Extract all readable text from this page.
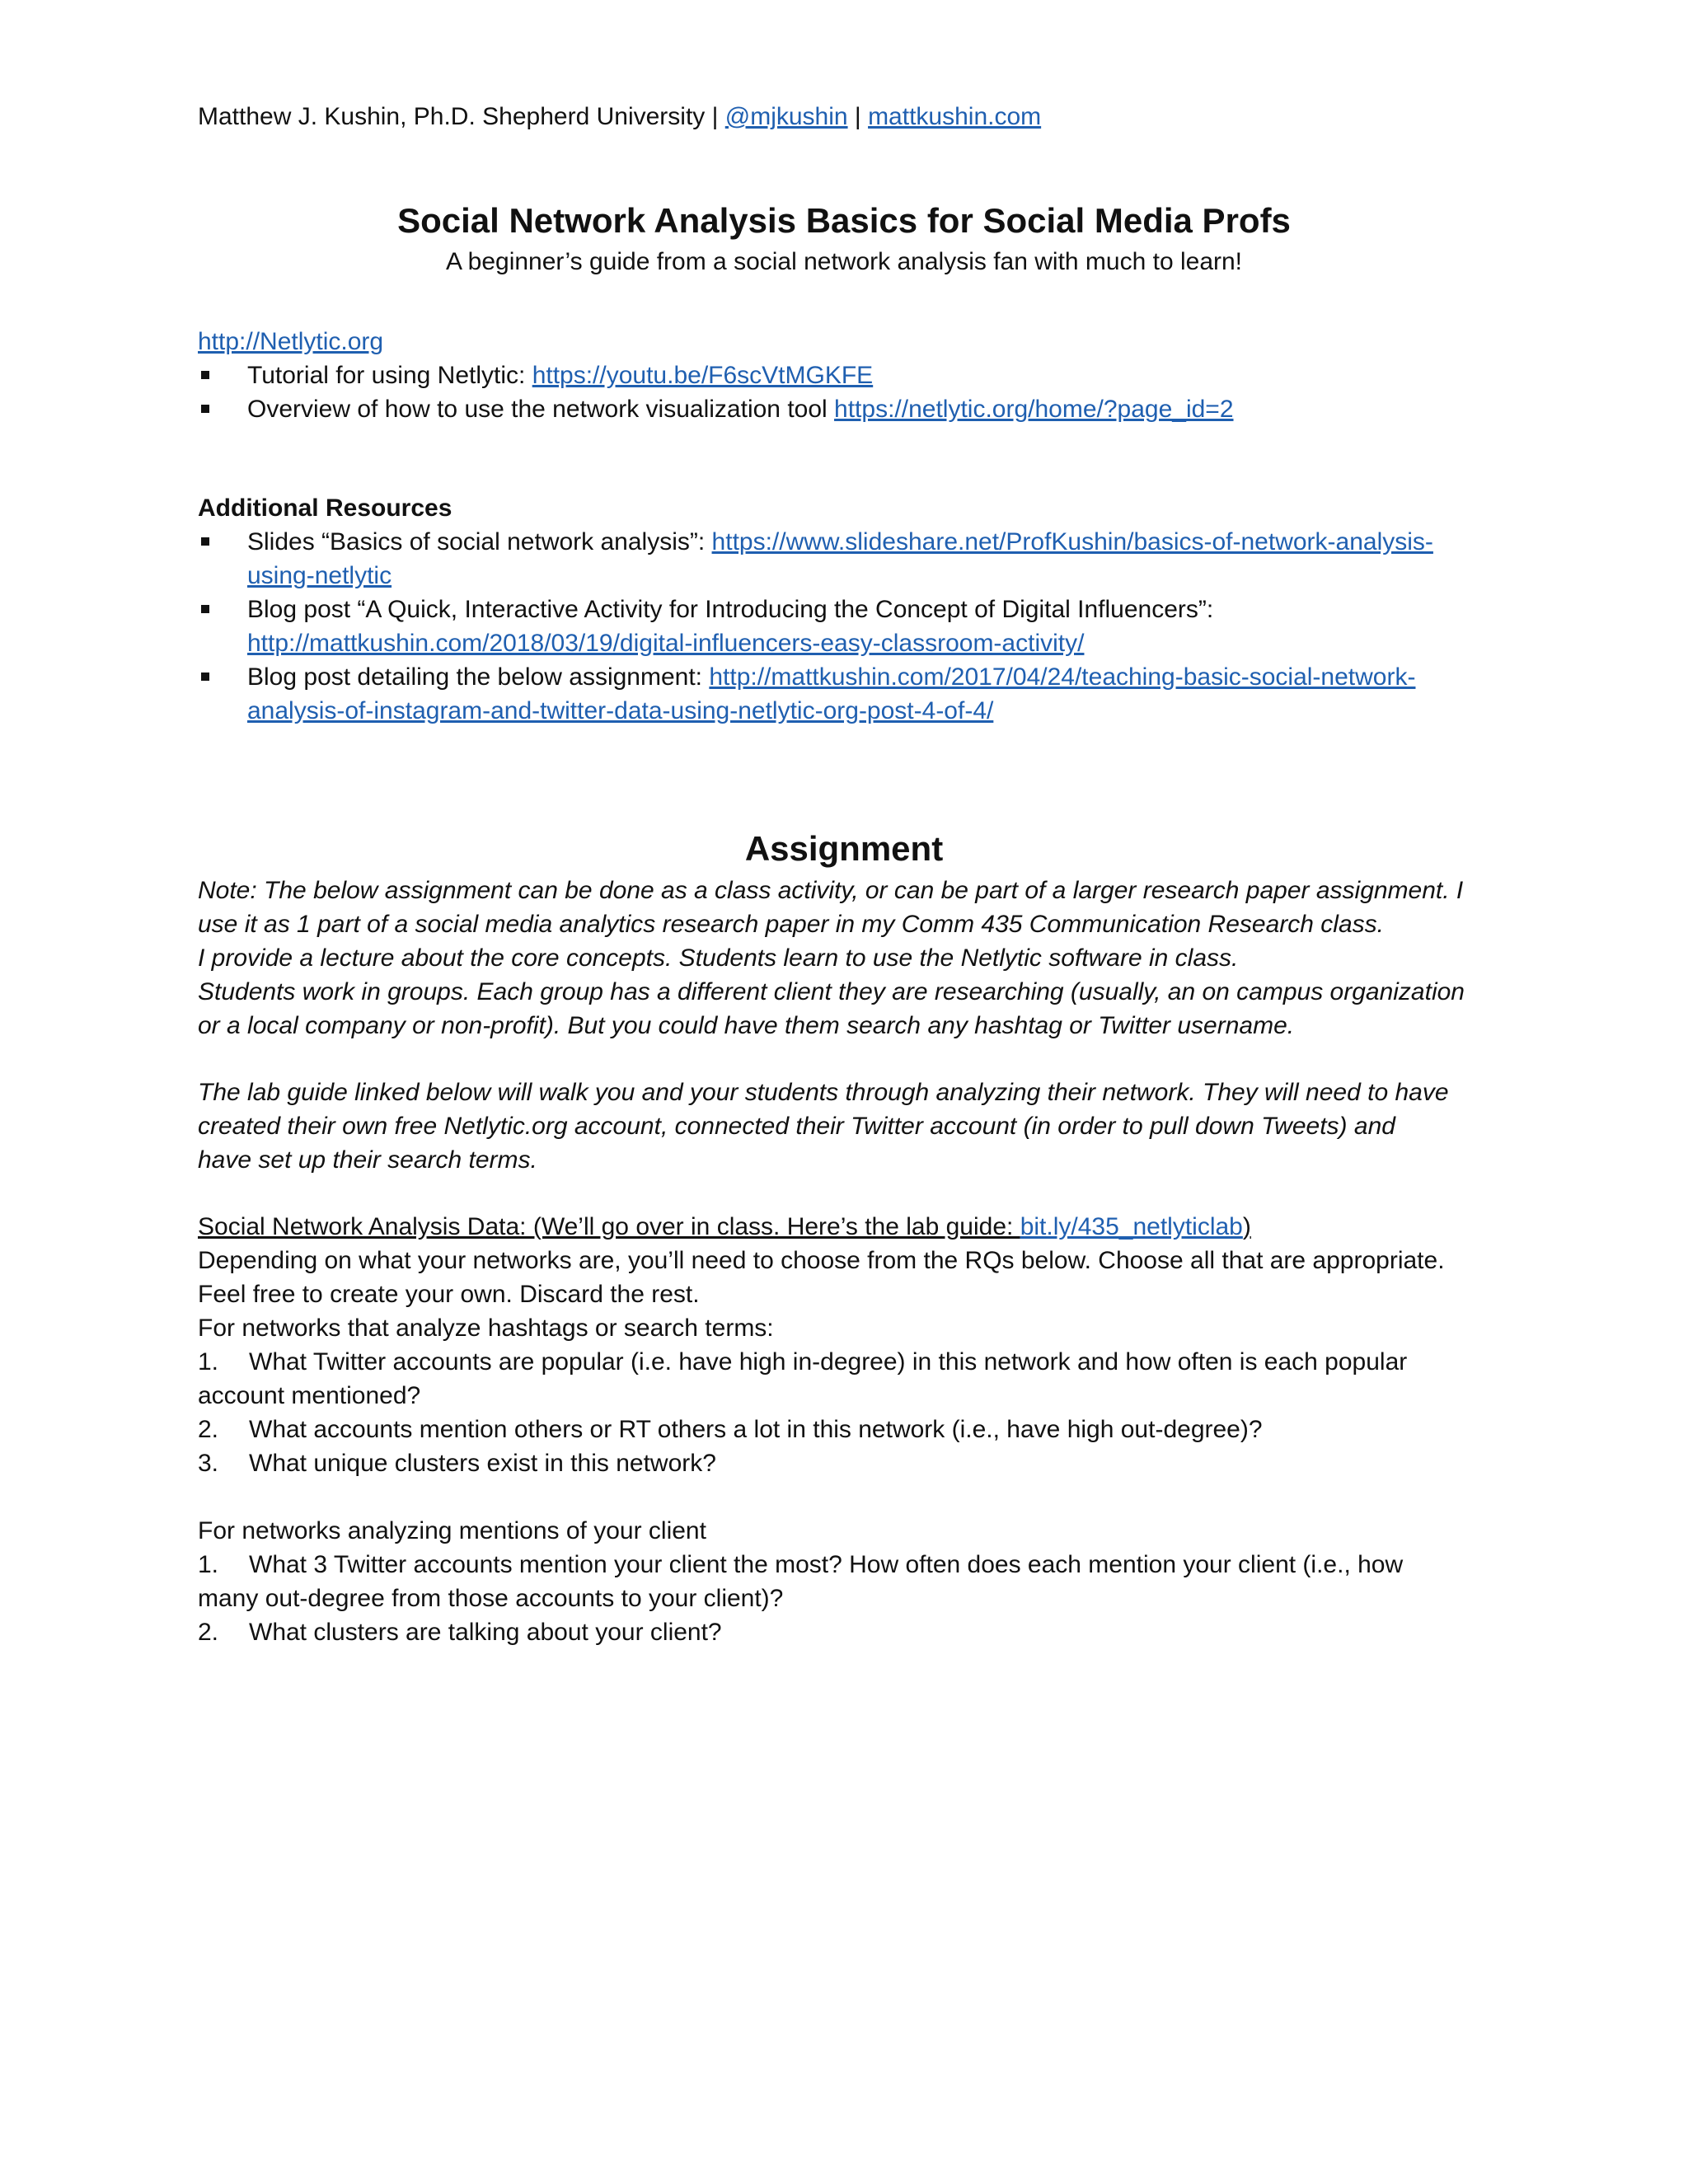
Matthew J. Kushin, Ph.D. Shepherd University | @mjkushin | mattkushin.com
Social Network Analysis Basics for Social Media Profs
A beginner’s guide from a social network analysis fan with much to learn!
http://Netlytic.org
Tutorial for using Netlytic: https://youtu.be/F6scVtMGKFE
Overview of how to use the network visualization tool https://netlytic.org/home/?page_id=2
Additional Resources
Slides “Basics of social network analysis”: https://www.slideshare.net/ProfKushin/basics-of-network-analysis-
using-netlytic
Blog post “A Quick, Interactive Activity for Introducing the Concept of Digital Influencers”:
http://mattkushin.com/2018/03/19/digital-influencers-easy-classroom-activity/
Blog post detailing the below assignment: http://mattkushin.com/2017/04/24/teaching-basic-social-network-
analysis-of-instagram-and-twitter-data-using-netlytic-org-post-4-of-4/
Assignment
Note: The below assignment can be done as a class activity, or can be part of a larger research paper assignment. I
use it as 1 part of a social media analytics research paper in my Comm 435 Communication Research class.
I provide a lecture about the core concepts. Students learn to use the Netlytic software in class.
Students work in groups. Each group has a different client they are researching (usually, an on campus organization
or a local company or non-profit). But you could have them search any hashtag or Twitter username.
The lab guide linked below will walk you and your students through analyzing their network. They will need to have
created their own free Netlytic.org account, connected their Twitter account (in order to pull down Tweets) and
have set up their search terms.
Social Network Analysis Data: (We’ll go over in class. Here’s the lab guide: bit.ly/435_netlyticlab)
Depending on what your networks are, you’ll need to choose from the RQs below. Choose all that are appropriate.
Feel free to create your own. Discard the rest.
For networks that analyze hashtags or search terms:
1. What Twitter accounts are popular (i.e. have high in-degree) in this network and how often is each popular
account mentioned?
2. What accounts mention others or RT others a lot in this network (i.e., have high out-degree)?
3. What unique clusters exist in this network?
For networks analyzing mentions of your client
1. What 3 Twitter accounts mention your client the most? How often does each mention your client (i.e., how
many out-degree from those accounts to your client)?
2. What clusters are talking about your client?
